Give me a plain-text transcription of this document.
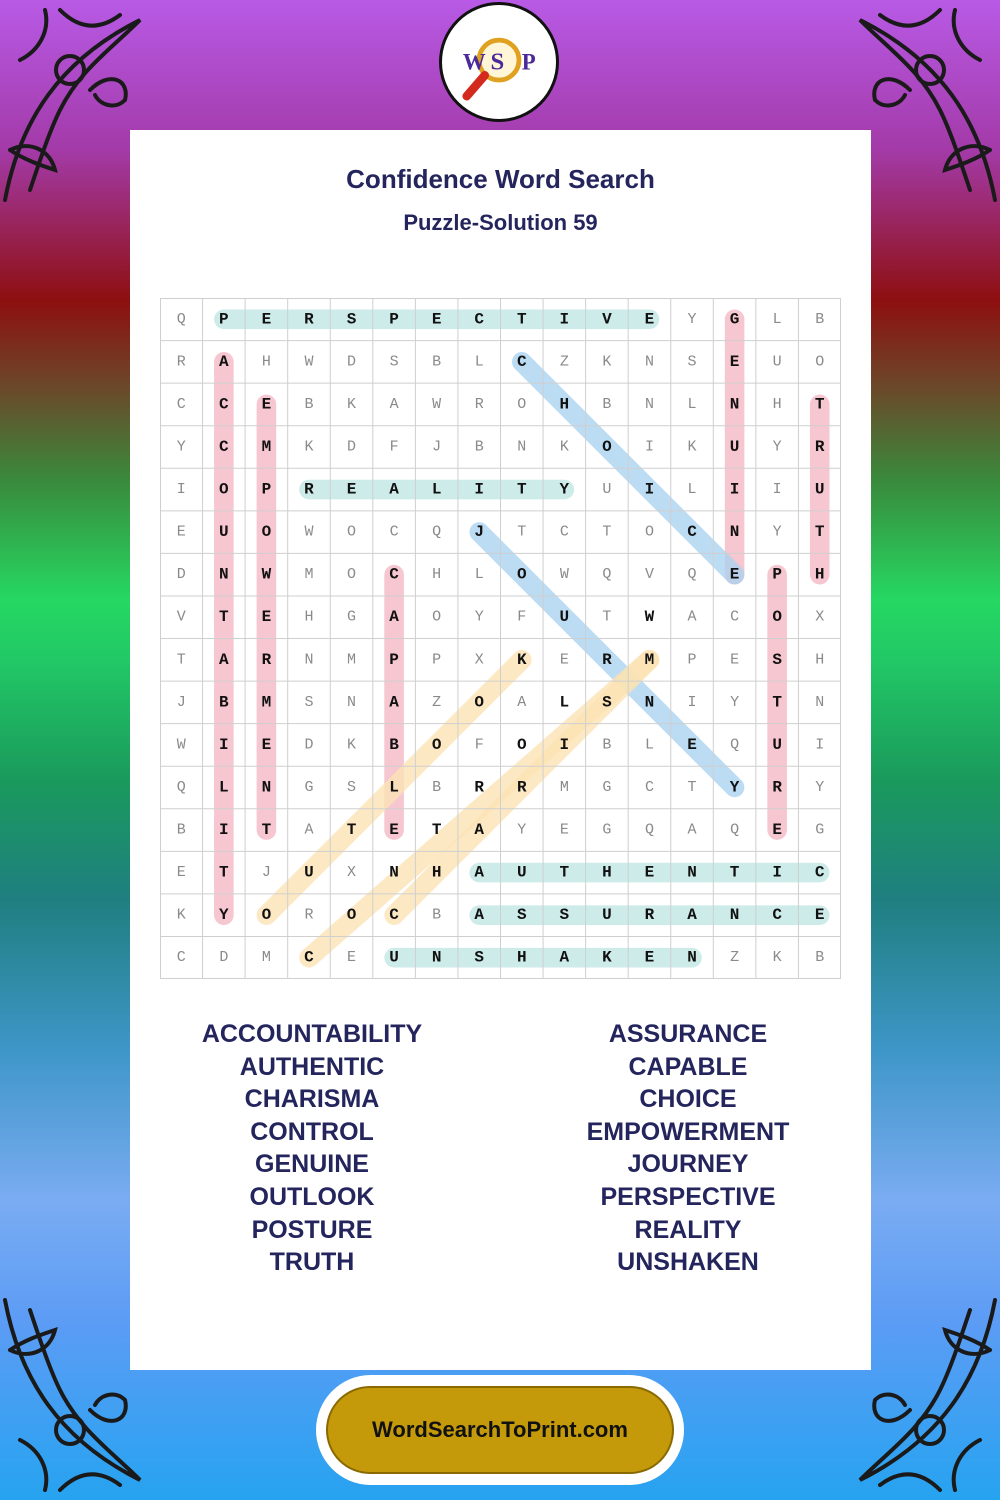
W S P
Confidence Word Search
Puzzle-Solution 59
Q P E R S P E C T I V E Y G L B
R A H W D S B L C Z K N S E U O
C C E B K A W R O H B N L N H T
Y C M K D F J B N K O I K U Y R
I O P R E A L I T Y U I L I I U
E U O W O C Q J T C T O C N Y T
D N W M O C H L O W Q V Q E P H
V T E H G A O Y F U T W A C O X
T A R N M P P X K E R M P E S H
J B M S N A Z O A L S N I Y T N
W I E D K B O F O I B L E Q U I
Q L N G S L B R R M G C T Y R Y
B I T A T E T A Y E G Q A Q E G
E T J U X N H A U T H E N T I C
K Y O R O C B A S S U R A N C E
C D M C E U N S H A K E N Z K B
ACCOUNTABILITY
AUTHENTIC
CHARISMA
CONTROL
GENUINE
OUTLOOK
POSTURE
TRUTH
ASSURANCE
CAPABLE
CHOICE
EMPOWERMENT
JOURNEY
PERSPECTIVE
REALITY
UNSHAKEN
WordSearchToPrint.com
